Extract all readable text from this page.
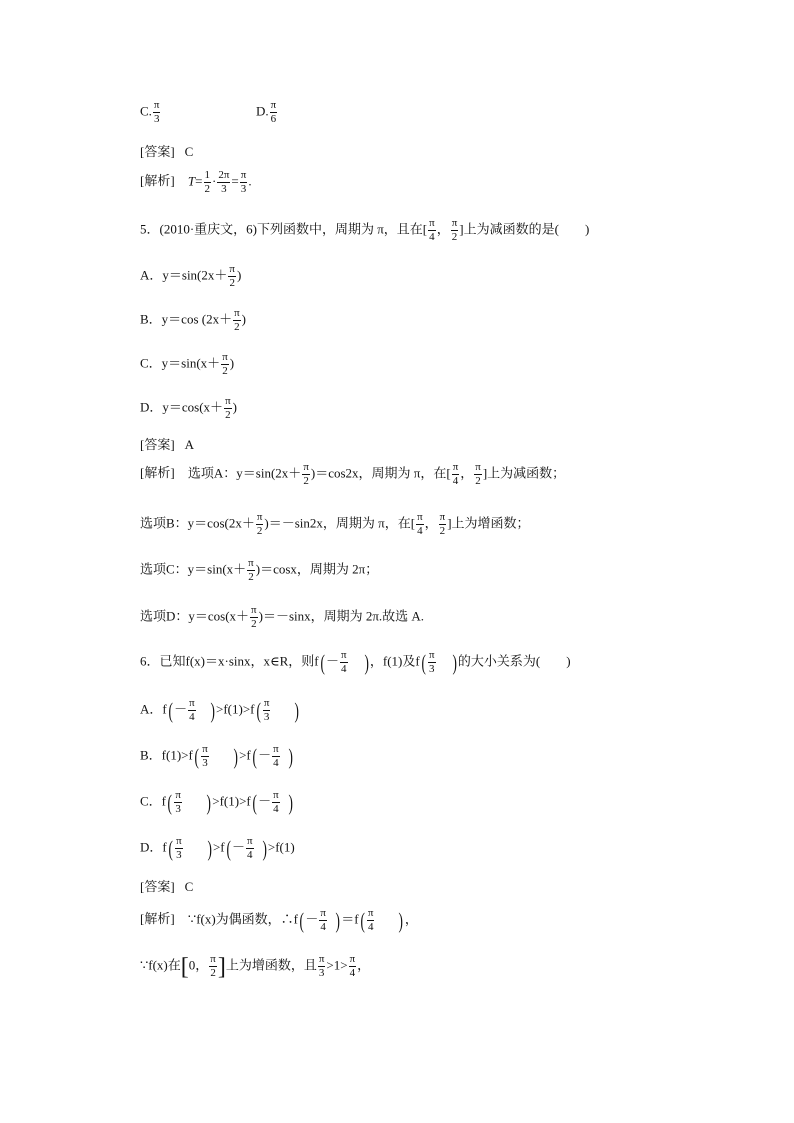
C. $\frac{\pi}{3}$	D. $\frac{\pi}{6}$
[答案] C
[解析] $T= \frac{1}{2} \cdot \frac{2\pi}{3} = \frac{\pi}{3}$ .
5．(2010·重庆文，6)下列函数中，周期为 π，且在[ $\frac{\pi}{4}$ ， $\frac{\pi}{2}$ ]上为减函数的是(　　)
A．$y=\sin(2x+ \frac{\pi}{2}$ )
B．y＝cos ($2x+ \frac{\pi}{2}$ )
C．$y=\sin(x+ \frac{\pi}{2}$ )
D．$y=\cos(x+ \frac{\pi}{2}$ )
[答案] A
[解析] 选项A：$y=\sin(2x+ \frac{\pi}{2} )=\cos 2x$，周期为 π，在[ $\frac{\pi}{4}$ ， $\frac{\pi}{2}$ ]上为减函数；
选项B：$y=\cos(2x+ \frac{\pi}{2} )=-\sin 2x$，周期为 π，在[ $\frac{\pi}{4}$ ， $\frac{\pi}{2}$ ]上为增函数；
选项C：$y=\sin(x+ \frac{\pi}{2} )=\cos x$，周期为 2π；
选项D：$y=\cos(x+ \frac{\pi}{2} )=-\sin x$，周期为 2π.故选 A.
6．已知f(x)＝x·sinx，x∈R，则$f(- \frac{\pi}{4}$ )，f(1)及$f( \frac{\pi}{3}$ )的大小关系为(　　)
A．$f(- \frac{\pi}{4} )>f(1)>f( \frac{\pi}{3}$ )
B．$f(1)>f( \frac{\pi}{3} )>f(- \frac{\pi}{4}$ )
C．$f( \frac{\pi}{3} )>f(1)>f(- \frac{\pi}{4}$ )
D．$f( \frac{\pi}{3} )>f(- \frac{\pi}{4} )>f(1)$
[答案] C
[解析] ∵f(x)为偶函数，∴f(－ $\frac{\pi}{4} )=f( \frac{\pi}{4}$ )，
∵f(x)在[0， $\frac{\pi}{2}$ ]上为增函数，且 $\frac{\pi}{3} >1> \frac{\pi}{4}$ ，
